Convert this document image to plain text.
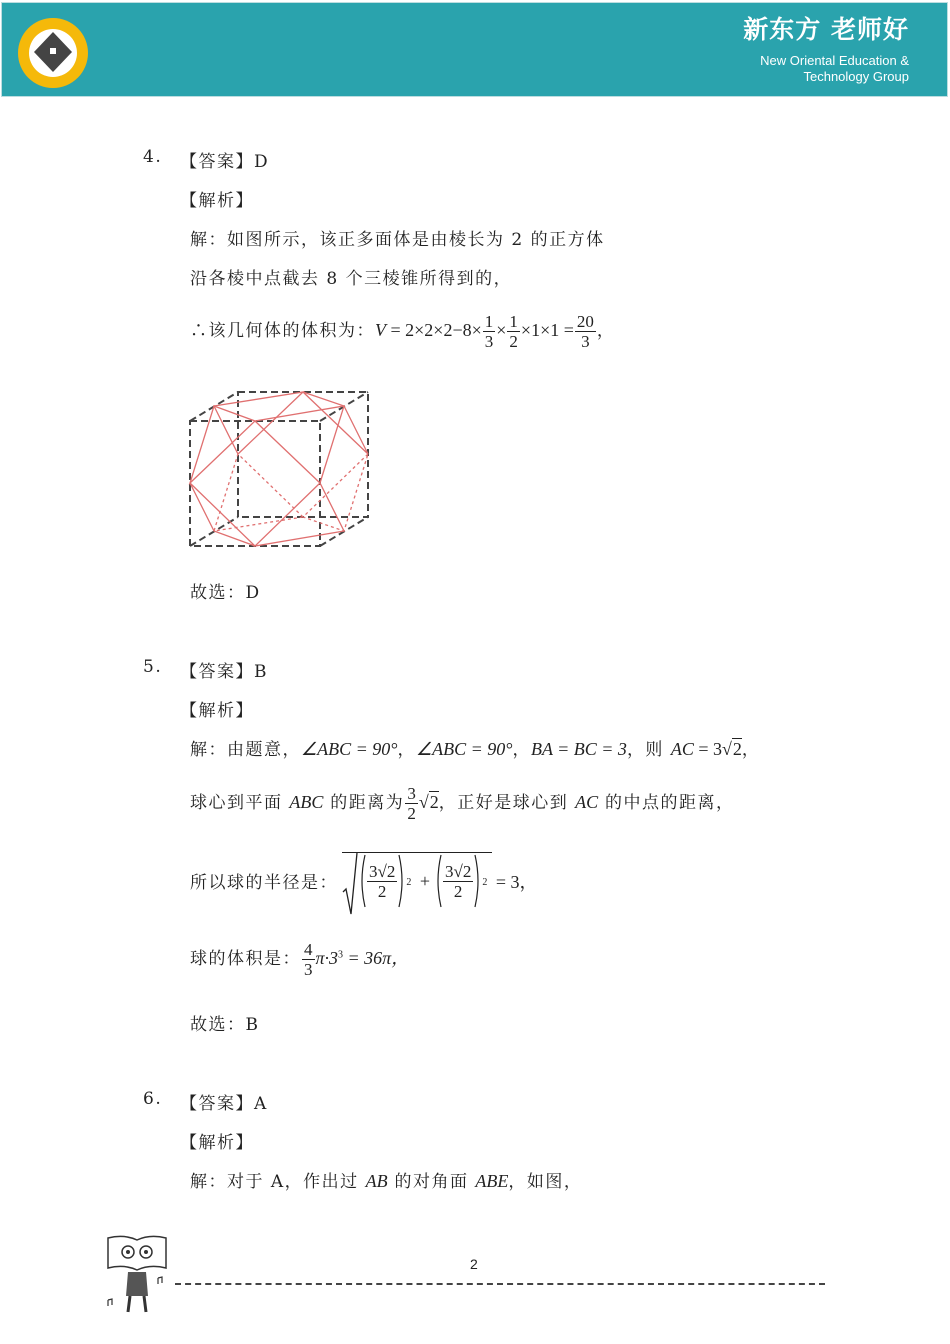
新东方 老师好
New Oriental Education &
Technology Group
4. 【答案】D
【解析】
解：如图所示，该正多面体是由棱长为 2 的正方体
沿各棱中点截去 8 个三棱锥所得到的，
∴该几何体的体积为：$V = 2\times 2\times 2-8\times \frac{1}{3} \times \frac{1}{2} \times 1\times 1 = \frac{20}{3}$ ，
故选：D
5. 【答案】B
【解析】
解：由题意，∠ABC = 90°，∠ABC = 90°，BA = BC = 3，则 AC = 3√2，
球心到平面 ABC 的距离为 $\frac{3}{2} √2$，正好是球心到 AC 的中点的距离，
所以球的半径是： $\frac{3√2}{2} 2 + \frac{3√2}{2} 2 = 3$，
球的体积是： $\frac{4}{3} \pi\cdot 3^3 = 36\pi$，
故选：B
6. 【答案】A
【解析】
解：对于 A，作出过 AB 的对角面 ABE，如图，
2
